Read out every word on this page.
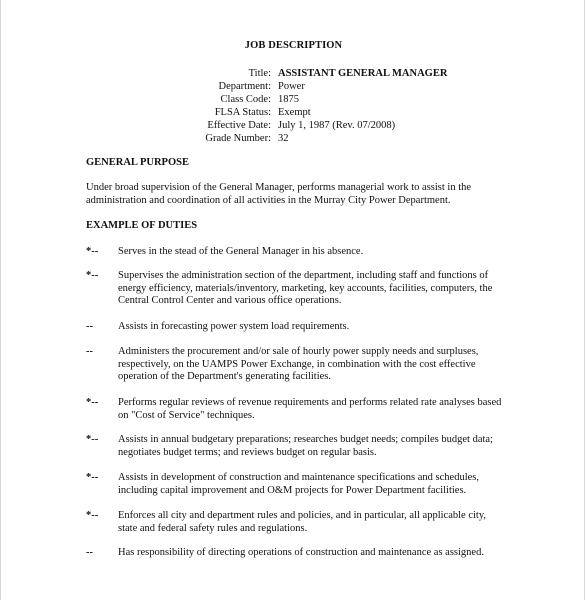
JOB DESCRIPTION
Title: ASSISTANT GENERAL MANAGER
Department: Power
Class Code: 1875
FLSA Status: Exempt
Effective Date: July 1, 1987 (Rev. 07/2008)
Grade Number: 32
GENERAL PURPOSE
Under broad supervision of the General Manager, performs managerial work to assist in the administration and coordination of all activities in the Murray City Power Department.
EXAMPLE OF DUTIES
*-- Serves in the stead of the General Manager in his absence.
*-- Supervises the administration section of the department, including staff and functions of energy efficiency, materials/inventory, marketing, key accounts, facilities, computers, the Central Control Center and various office operations.
-- Assists in forecasting power system load requirements.
-- Administers the procurement and/or sale of hourly power supply needs and surpluses, respectively, on the UAMPS Power Exchange, in combination with the cost effective operation of the Department's generating facilities.
*-- Performs regular reviews of revenue requirements and performs related rate analyses based on "Cost of Service" techniques.
*-- Assists in annual budgetary preparations; researches budget needs; compiles budget data; negotiates budget terms; and reviews budget on regular basis.
*-- Assists in development of construction and maintenance specifications and schedules, including capital improvement and O&M projects for Power Department facilities.
*-- Enforces all city and department rules and policies, and in particular, all applicable city, state and federal safety rules and regulations.
-- Has responsibility of directing operations of construction and maintenance as assigned.
